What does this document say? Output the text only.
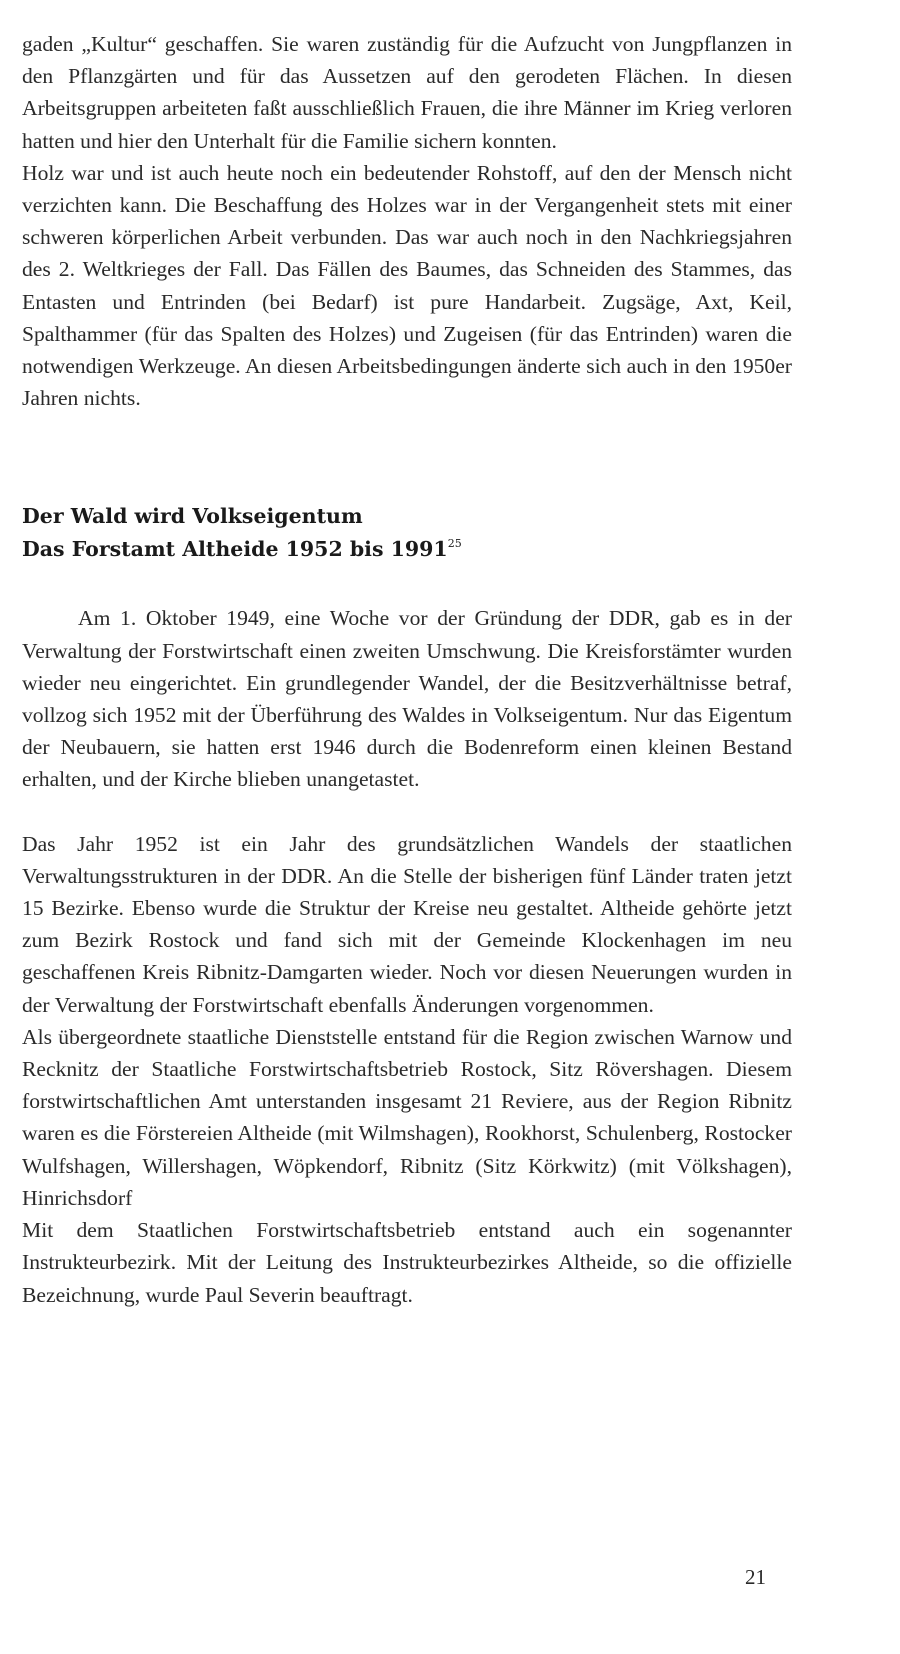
gaden „Kultur“ geschaffen. Sie waren zuständig für die Aufzucht von Jungpflanzen in den Pflanzgärten und für das Aussetzen auf den gerodeten Flächen. In diesen Arbeitsgruppen arbeiteten faßt ausschließlich Frauen, die ihre Männer im Krieg verloren hatten und hier den Unterhalt für die Familie sichern konnten.

Holz war und ist auch heute noch ein bedeutender Rohstoff, auf den der Mensch nicht verzichten kann. Die Beschaffung des Holzes war in der Vergangenheit stets mit einer schweren körperlichen Arbeit verbunden. Das war auch noch in den Nachkriegsjahren des 2. Weltkrieges der Fall. Das Fällen des Baumes, das Schneiden des Stammes, das Entasten und Entrinden (bei Bedarf) ist pure Handarbeit. Zugsäge, Axt, Keil, Spalthammer (für das Spalten des Holzes) und Zugeisen (für das Entrinden) waren die notwendigen Werkzeuge. An diesen Arbeitsbedingungen änderte sich auch in den 1950er Jahren nichts.

Der Wald wird Volkseigentum
Das Forstamt Altheide 1952 bis 1991$^{25}$

Am 1. Oktober 1949, eine Woche vor der Gründung der DDR, gab es in der Verwaltung der Forstwirtschaft einen zweiten Umschwung. Die Kreisforstämter wurden wieder neu eingerichtet. Ein grundlegender Wandel, der die Besitzverhältnisse betraf, vollzog sich 1952 mit der Überführung des Waldes in Volkseigentum. Nur das Eigentum der Neubauern, sie hatten erst 1946 durch die Bodenreform einen kleinen Bestand erhalten, und der Kirche blieben unangetastet.

Das Jahr 1952 ist ein Jahr des grundsätzlichen Wandels der staatlichen Verwaltungsstrukturen in der DDR. An die Stelle der bisherigen fünf Länder traten jetzt 15 Bezirke. Ebenso wurde die Struktur der Kreise neu gestaltet. Altheide gehörte jetzt zum Bezirk Rostock und fand sich mit der Gemeinde Klockenhagen im neu geschaffenen Kreis Ribnitz-Damgarten wieder. Noch vor diesen Neuerungen wurden in der Verwaltung der Forstwirtschaft ebenfalls Änderungen vorgenommen.

Als übergeordnete staatliche Dienststelle entstand für die Region zwischen Warnow und Recknitz der Staatliche Forstwirtschaftsbetrieb Rostock, Sitz Rövershagen. Diesem forstwirtschaftlichen Amt unterstanden insgesamt 21 Reviere, aus der Region Ribnitz waren es die Förstereien Altheide (mit Wilmshagen), Rookhorst, Schulenberg, Rostocker Wulfshagen, Willershagen, Wöpkendorf, Ribnitz (Sitz Körkwitz) (mit Völkshagen), Hinrichsdorf

Mit dem Staatlichen Forstwirtschaftsbetrieb entstand auch ein sogenannter Instrukteurbezirk. Mit der Leitung des Instrukteurbezirkes Altheide, so die offizielle Bezeichnung, wurde Paul Severin beauftragt.

21
